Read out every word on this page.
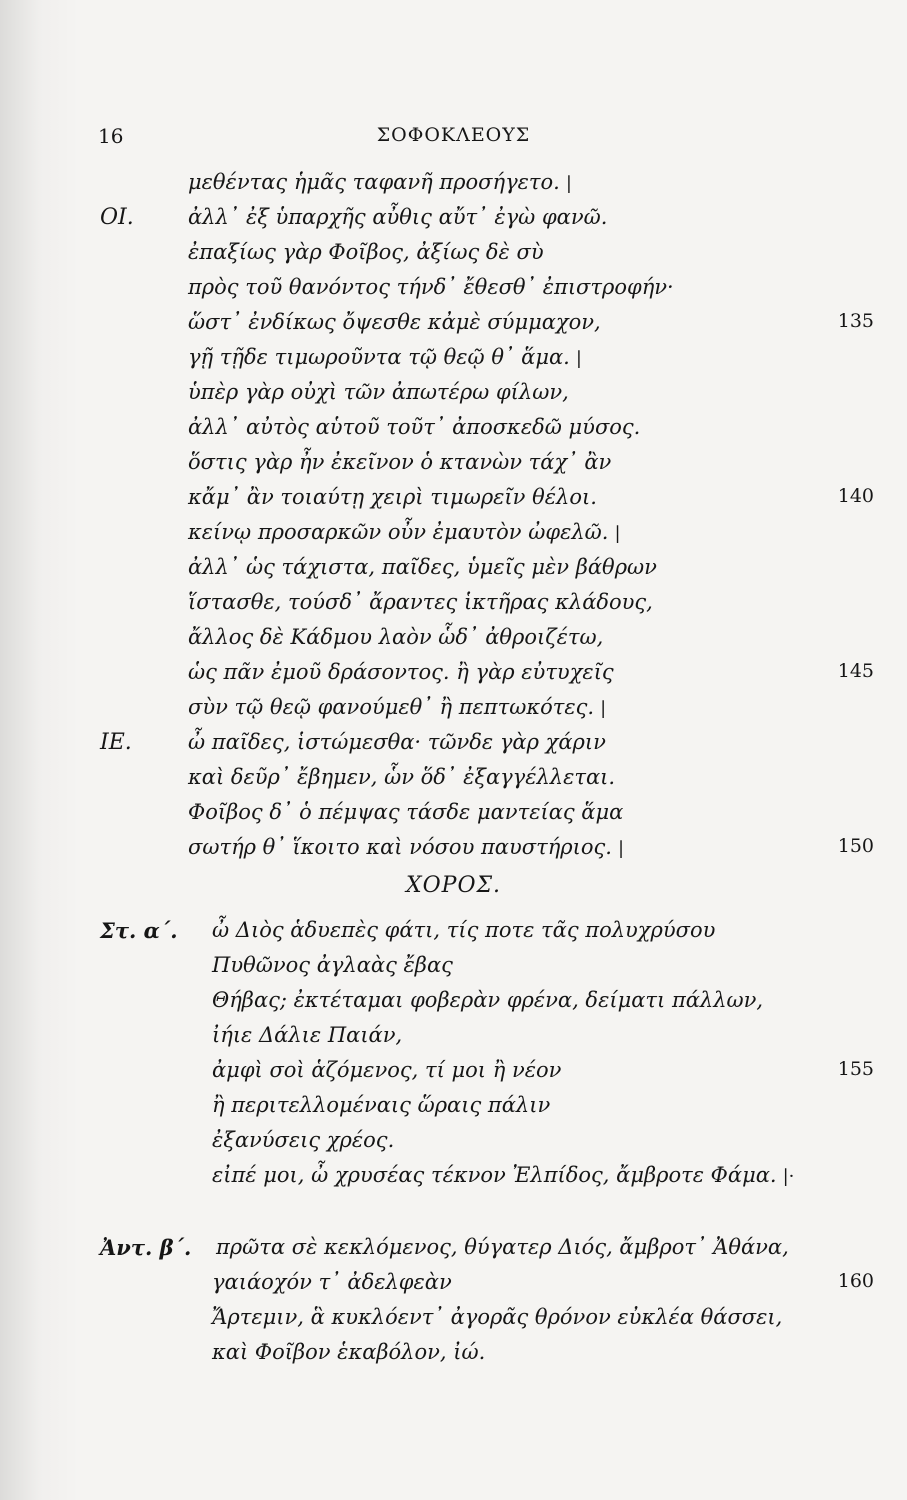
16	ΣΟΦΟΚΛΕΟΥΣ
μεθέντας ἡμᾶς ταφανῆ προσήγετο. |
ΟΙ.	ἀλλ᾽ ἐξ ὑπαρχῆς αὖθις αὔτ᾽ ἐγὼ φανῶ.
ἐπαξίως γὰρ Φοῖβος, ἀξίως δὲ σὺ
πρὸς τοῦ θανόντος τήνδ᾽ ἔθεσθ᾽ ἐπιστροφήν·
ὥστ᾽ ἐνδίκως ὄψεσθε κἀμὲ σύμμαχον,	135
γῇ τῇδε τιμωροῦντα τῷ θεῷ θ᾽ ἅμα. |
ὑπὲρ γὰρ οὐχὶ τῶν ἀπωτέρω φίλων,
ἀλλ᾽ αὐτὸς αὑτοῦ τοῦτ᾽ ἀποσκεδῶ μύσος.
ὅστις γὰρ ἦν ἐκεῖνον ὁ κτανὼν τάχ᾽ ἂν
κἄμ᾽ ἂν τοιαύτῃ χειρὶ τιμωρεῖν θέλοι.	140
κείνῳ προσαρκῶν οὖν ἐμαυτὸν ὠφελῶ. |
ἀλλ᾽ ὡς τάχιστα, παῖδες, ὑμεῖς μὲν βάθρων
ἵστασθε, τούσδ᾽ ἄραντες ἱκτῆρας κλάδους,
ἄλλος δὲ Κάδμου λαὸν ὧδ᾽ ἀθροιζέτω,
ὡς πᾶν ἐμοῦ δράσοντος. ἢ γὰρ εὐτυχεῖς	145
σὺν τῷ θεῷ φανούμεθ᾽ ἢ πεπτωκότες. |
ΙΕ.	ὦ παῖδες, ἱστώμεσθα· τῶνδε γὰρ χάριν
καὶ δεῦρ᾽ ἔβημεν, ὧν ὅδ᾽ ἐξαγγέλλεται.
Φοῖβος δ᾽ ὁ πέμψας τάσδε μαντείας ἅμα
σωτήρ θ᾽ ἵκοιτο καὶ νόσου παυστήριος. |	150
ΧΟΡΟΣ.
Στ. α΄. ὦ Διὸς ἁδυεπὲς φάτι, τίς ποτε τᾶς πολυχρύσου
Πυθῶνος ἀγλαὰς ἔβας
Θήβας; ἐκτέταμαι φοβερὰν φρένα, δείματι πάλλων,
ἰήιε Δάλιε Παιάν,
ἀμφὶ σοὶ ἁζόμενος, τί μοι ἢ νέον	155
ἢ περιτελλομέναις ὥραις πάλιν
ἐξανύσεις χρέος.
εἰπέ μοι, ὦ χρυσέας τέκνον Ἐλπίδος, ἄμβροτε Φάμα. |·
Ἀντ. β΄. πρῶτα σὲ κεκλόμενος, θύγατερ Διός, ἄμβροτ᾽ Ἀθάνα,
γαιάοχόν τ᾽ ἀδελφεὰν	160
Ἄρτεμιν, ἃ κυκλόεντ᾽ ἀγορᾶς θρόνον εὐκλέα θάσσει,
καὶ Φοῖβον ἑκαβόλον, ἰώ.
